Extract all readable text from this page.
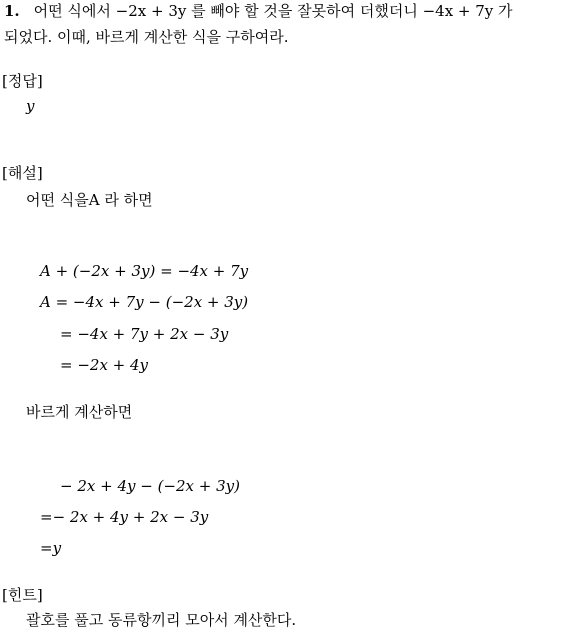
1. 어떤 식에서 −2x + 3y 를 빼야 할 것을 잘못하여 더했더니 −4x + 7y 가
되었다. 이때, 바르게 계산한 식을 구하여라.
[정답]
y
[해설]
어떤 식을A 라 하면
A + (−2x + 3y) = −4x + 7y
A = −4x + 7y − (−2x + 3y)
= −4x + 7y + 2x − 3y
= −2x + 4y
바르게 계산하면
− 2x + 4y − (−2x + 3y)
=− 2x + 4y + 2x − 3y
=y
[힌트]
괄호를 풀고 동류항끼리 모아서 계산한다.
